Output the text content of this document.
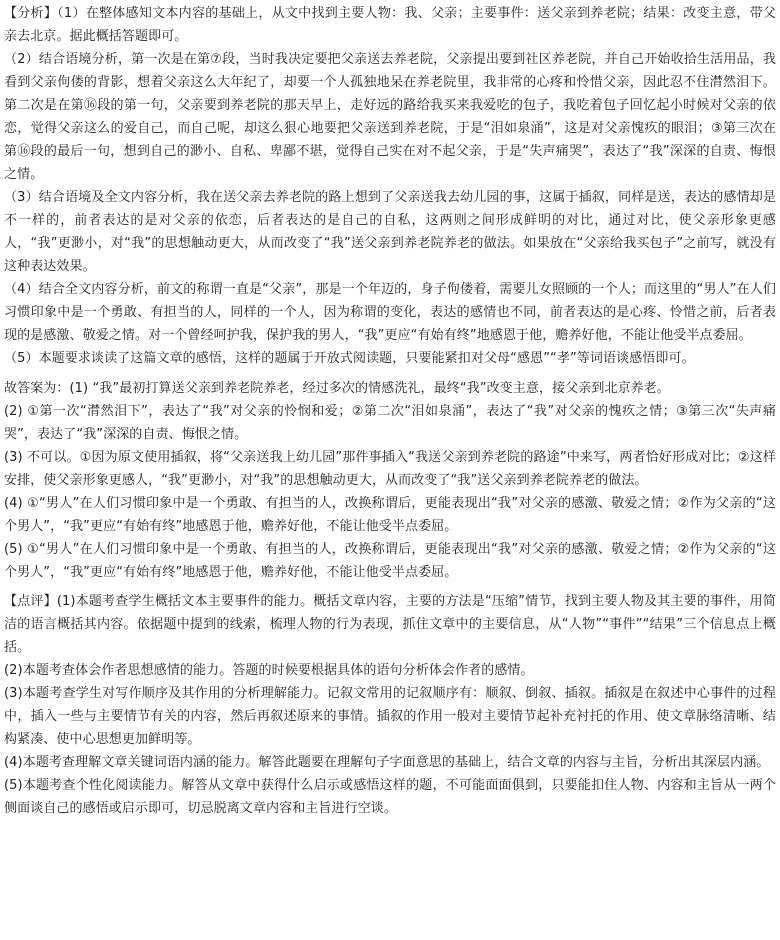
【分析】（1）在整体感知文本内容的基础上，从文中找到主要人物：我、父亲；主要事件：送父亲到养老院；结果：改变主意，带父亲去北京。据此概括答题即可。

（2）结合语境分析，第一次是在第⑦段，当时我决定要把父亲送去养老院，父亲提出要到社区养老院，并自己开始收拾生活用品，我看到父亲佝偻的背影，想着父亲这么大年纪了，却要一个人孤独地呆在养老院里，我非常的心疼和怜惜父亲，因此忍不住潸然泪下。 第二次是在第⑯段的第一句，父亲要到养老院的那天早上，走好远的路给我买来我爱吃的包子，我吃着包子回忆起小时候对父亲的依恋，觉得父亲这么的爱自己，而自己呢，却这么狠心地要把父亲送到养老院，于是“泪如泉涌”，这是对父亲愧疚的眼泪；③第三次在第⑯段的最后一句，想到自己的渺小、自私、卑鄙不堪，觉得自己实在对不起父亲，于是“失声痛哭”，表达了“我”深深的自责、悔恨之情。

（3）结合语境及全文内容分析，我在送父亲去养老院的路上想到了父亲送我去幼儿园的事，这属于插叙，同样是送，表达的感情却是不一样的，前者表达的是对父亲的依恋，后者表达的是自己的自私，这两则之间形成鲜明的对比，通过对比，使父亲形象更感人，“我”更渺小，对“我”的思想触动更大，从而改变了“我”送父亲到养老院养老的做法。如果放在“父亲给我买包子”之前写，就没有这种表达效果。

（4）结合全文内容分析，前文的称谓一直是“父亲”，那是一个年迈的，身子佝偻着，需要儿女照顾的一个人；而这里的“男人”在人们习惯印象中是一个勇敢、有担当的人，同样的一个人，因为称谓的变化，表达的感情也不同，前者表达的是心疼、怜惜之前，后者表现的是感激、敬爱之情。对一个曾经呵护我，保护我的男人，“我”更应“有始有终”地感恩于他，赡养好他，不能让他受半点委屈。

（5）本题要求谈读了这篇文章的感悟，这样的题属于开放式阅读题，只要能紧扣对父母“感恩”“孝”等词语谈感悟即可。

故答案为：(1) “我”最初打算送父亲到养老院养老，经过多次的情感洗礼，最终“我”改变主意，接父亲到北京养老。

(2) ①第一次“潸然泪下”，表达了“我”对父亲的怜悯和爱；②第二次“泪如泉涌”，表达了“我”对父亲的愧疚之情；③第三次“失声痛哭”，表达了“我”深深的自责、悔恨之情。

(3) 不可以。①因为原文使用插叙，将“父亲送我上幼儿园”那件事插入“我送父亲到养老院的路途”中来写，两者恰好形成对比；②这样安排，使父亲形象更感人，“我”更渺小，对“我”的思想触动更大，从而改变了“我”送父亲到养老院养老的做法。

(4) ①“男人”在人们习惯印象中是一个勇敢、有担当的人，改换称谓后，更能表现出“我”对父亲的感激、敬爱之情；②作为父亲的“这个男人”，“我”更应“有始有终”地感恩于他，赡养好他，不能让他受半点委屈。

(5) ①“男人”在人们习惯印象中是一个勇敢、有担当的人，改换称谓后，更能表现出“我”对父亲的感激、敬爱之情；②作为父亲的“这个男人”，“我”更应“有始有终”地感恩于他，赡养好他，不能让他受半点委屈。

【点评】(1)本题考查学生概括文本主要事件的能力。概括文章内容，主要的方法是“压缩”情节，找到主要人物及其主要的事件，用简洁的语言概括其内容。依据题中提到的线索，梳理人物的行为表现，抓住文章中的主要信息，从“人物”“事件”“结果”三个信息点上概括。

(2)本题考查体会作者思想感情的能力。答题的时候要根据具体的语句分析体会作者的感情。

(3)本题考查学生对写作顺序及其作用的分析理解能力。记叙文常用的记叙顺序有：顺叙、倒叙、插叙。插叙是在叙述中心事件的过程中，插入一些与主要情节有关的内容，然后再叙述原来的事情。插叙的作用一般对主要情节起补充衬托的作用、使文章脉络清晰、结构紧凑、使中心思想更加鲜明等。

(4)本题考查理解文章关键词语内涵的能力。解答此题要在理解句子字面意思的基础上，结合文章的内容与主旨，分析出其深层内涵。

(5)本题考查个性化阅读能力。解答从文章中获得什么启示或感悟这样的题，不可能面面俱到，只要能扣住人物、内容和主旨从一两个侧面谈自己的感悟或启示即可，切忌脱离文章内容和主旨进行空谈。
